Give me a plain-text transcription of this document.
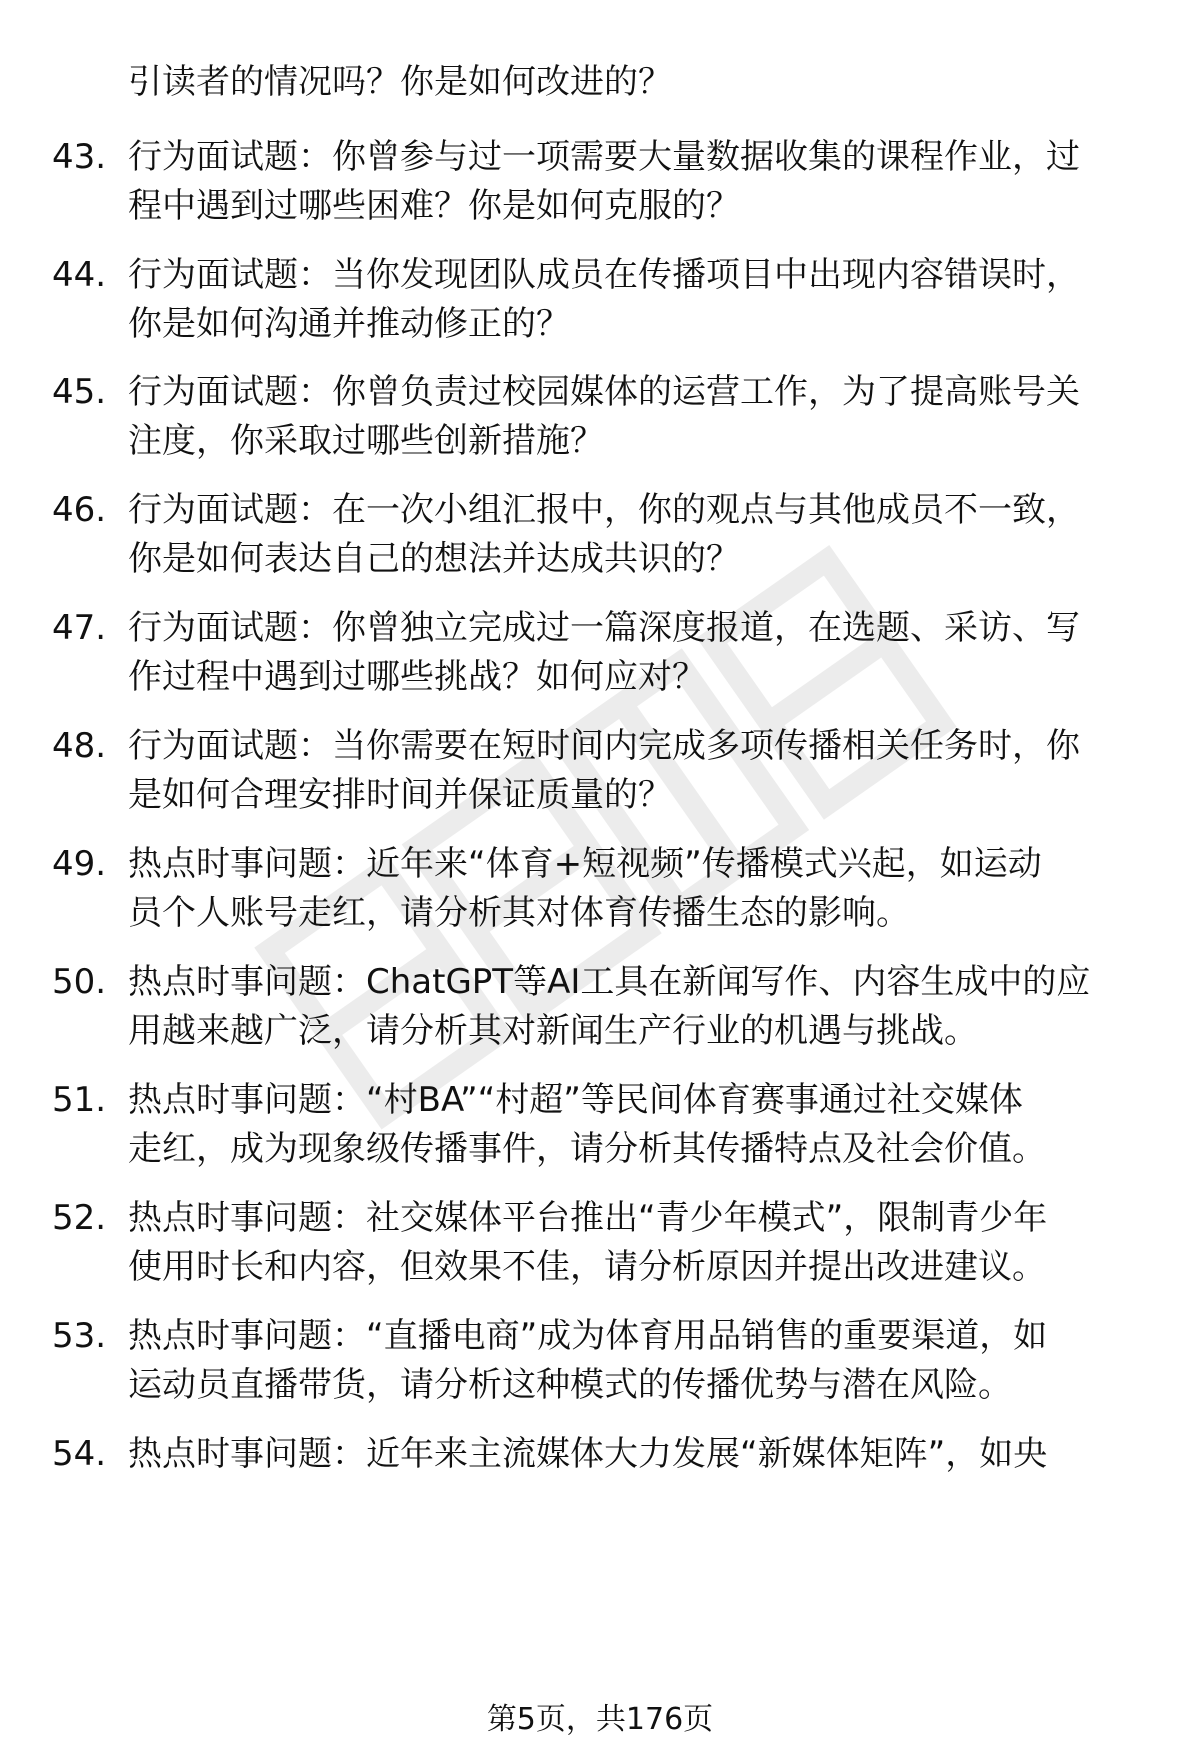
引读者的情况吗？你是如何改进的？
43. 行为面试题：你曾参与过一项需要大量数据收集的课程作业，过
程中遇到过哪些困难？你是如何克服的？
44. 行为面试题：当你发现团队成员在传播项目中出现内容错误时，
你是如何沟通并推动修正的？
45. 行为面试题：你曾负责过校园媒体的运营工作，为了提高账号关
注度，你采取过哪些创新措施？
46. 行为面试题：在一次小组汇报中，你的观点与其他成员不一致，
你是如何表达自己的想法并达成共识的？
47. 行为面试题：你曾独立完成过一篇深度报道，在选题、采访、写
作过程中遇到过哪些挑战？如何应对？
48. 行为面试题：当你需要在短时间内完成多项传播相关任务时，你
是如何合理安排时间并保证质量的？
49. 热点时事问题：近年来“体育+短视频”传播模式兴起，如运动
员个人账号走红，请分析其对体育传播生态的影响。
50. 热点时事问题：ChatGPT等AI工具在新闻写作、内容生成中的应
用越来越广泛，请分析其对新闻生产行业的机遇与挑战。
51. 热点时事问题：“村BA”“村超”等民间体育赛事通过社交媒体
走红，成为现象级传播事件，请分析其传播特点及社会价值。
52. 热点时事问题：社交媒体平台推出“青少年模式”，限制青少年
使用时长和内容，但效果不佳，请分析原因并提出改进建议。
53. 热点时事问题：“直播电商”成为体育用品销售的重要渠道，如
运动员直播带货，请分析这种模式的传播优势与潜在风险。
54. 热点时事问题：近年来主流媒体大力发展“新媒体矩阵”，如央
第5页，共176页
